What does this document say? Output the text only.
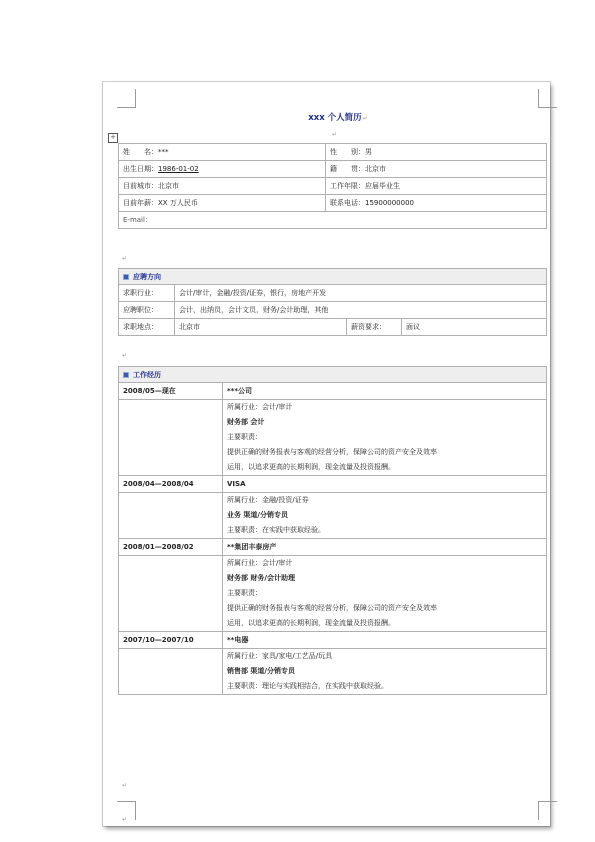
xxx 个人简历↵
+
姓　　名：***	性　　别：男
出生日期：1986-01-02	籍　　贯：北京市
目前城市：北京市	工作年限：应届毕业生
目前年薪：XX 万人民币	联系电话：15900000000
E-mail：	
应聘方向			
求职行业：	会计/审计，金融/投资/证券，银行，房地产开发		
应聘职位：	会计，出纳员，会计文员，财务/会计助理，其他		
求职地点：	北京市	薪资要求：	面议
工作经历	
2008/05—现在	***公司

	所属行业：会计/审计
财务部 会计
主要职责：
提供正确的财务报表与客观的经营分析，保障公司的资产安全及效率
运用，以追求更高的长期利润，现金流量及投资报酬。

2008/04—2008/04	VISA

	所属行业：金融/投资/证券
业务 渠道/分销专员
主要职责：在实践中获取经验。

2008/01—2008/02	**集团丰泰房产

	所属行业：会计/审计
财务部 财务/会计助理
主要职责：
提供正确的财务报表与客观的经营分析，保障公司的资产安全及效率
运用，以追求更高的长期利润，现金流量及投资报酬。

2007/10—2007/10	**电器

	所属行业：家具/家电/工艺品/玩具
销售部 渠道/分销专员
主要职责：理论与实践相结合，在实践中获取经验。
↵
↵
↵
↵
↵
